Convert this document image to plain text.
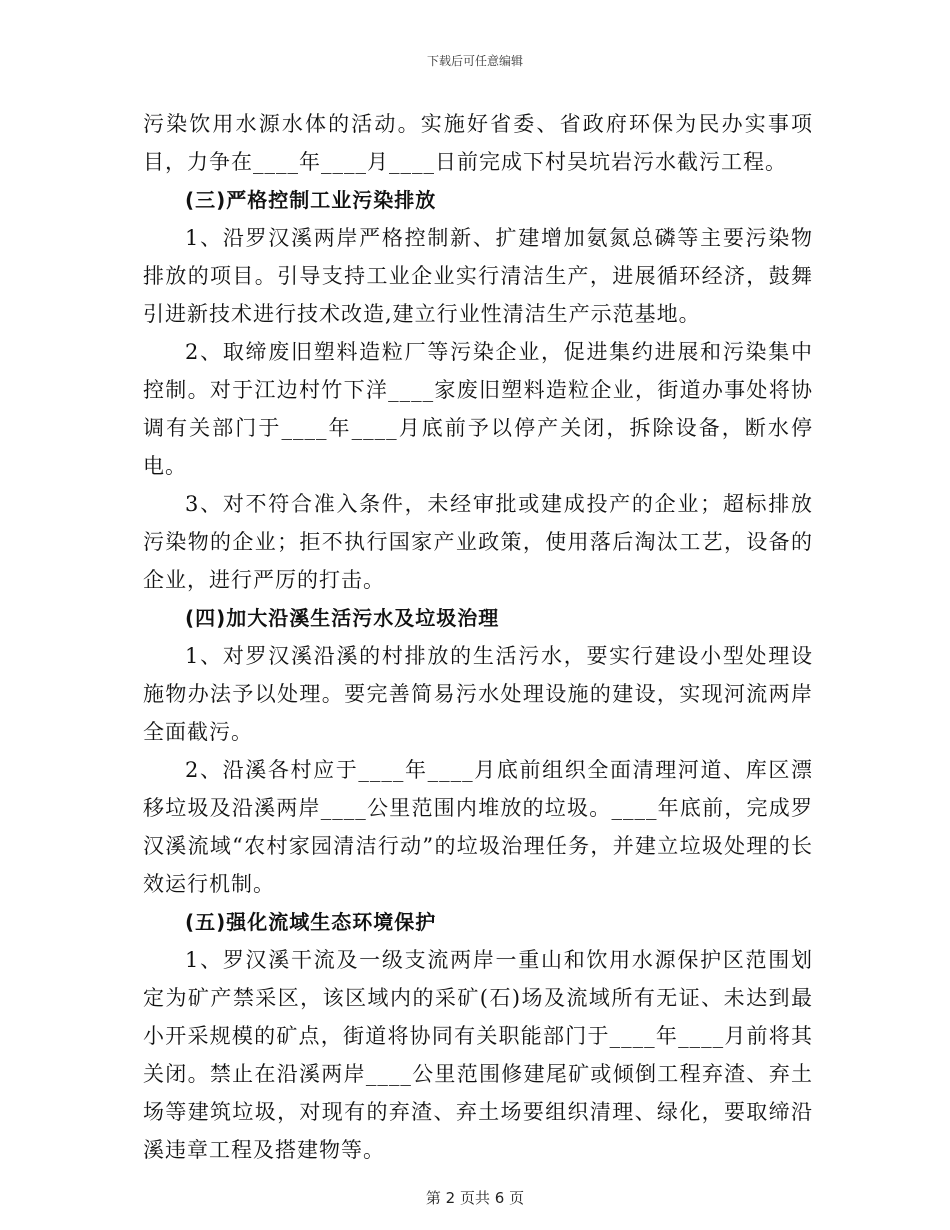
下载后可任意编辑

污染饮用水源水体的活动。实施好省委、省政府环保为民办实事项目，力争在____年____月____日前完成下村吴坑岩污水截污工程。

(三)严格控制工业污染排放

1、沿罗汉溪两岸严格控制新、扩建增加氨氮总磷等主要污染物排放的项目。引导支持工业企业实行清洁生产，进展循环经济，鼓舞引进新技术进行技术改造,建立行业性清洁生产示范基地。

2、取缔废旧塑料造粒厂等污染企业，促进集约进展和污染集中控制。对于江边村竹下洋____家废旧塑料造粒企业，街道办事处将协调有关部门于____年____月底前予以停产关闭，拆除设备，断水停电。

3、对不符合准入条件，未经审批或建成投产的企业；超标排放污染物的企业；拒不执行国家产业政策，使用落后淘汰工艺，设备的企业，进行严厉的打击。

(四)加大沿溪生活污水及垃圾治理

1、对罗汉溪沿溪的村排放的生活污水，要实行建设小型处理设施物办法予以处理。要完善简易污水处理设施的建设，实现河流两岸全面截污。

2、沿溪各村应于____年____月底前组织全面清理河道、库区漂移垃圾及沿溪两岸____公里范围内堆放的垃圾。____年底前，完成罗汉溪流域“农村家园清洁行动”的垃圾治理任务，并建立垃圾处理的长效运行机制。

(五)强化流域生态环境保护

1、罗汉溪干流及一级支流两岸一重山和饮用水源保护区范围划定为矿产禁采区，该区域内的采矿(石)场及流域所有无证、未达到最小开采规模的矿点，街道将协同有关职能部门于____年____月前将其关闭。禁止在沿溪两岸____公里范围修建尾矿或倾倒工程弃渣、弃土场等建筑垃圾，对现有的弃渣、弃土场要组织清理、绿化，要取缔沿溪违章工程及搭建物等。

第 2 页共 6 页
